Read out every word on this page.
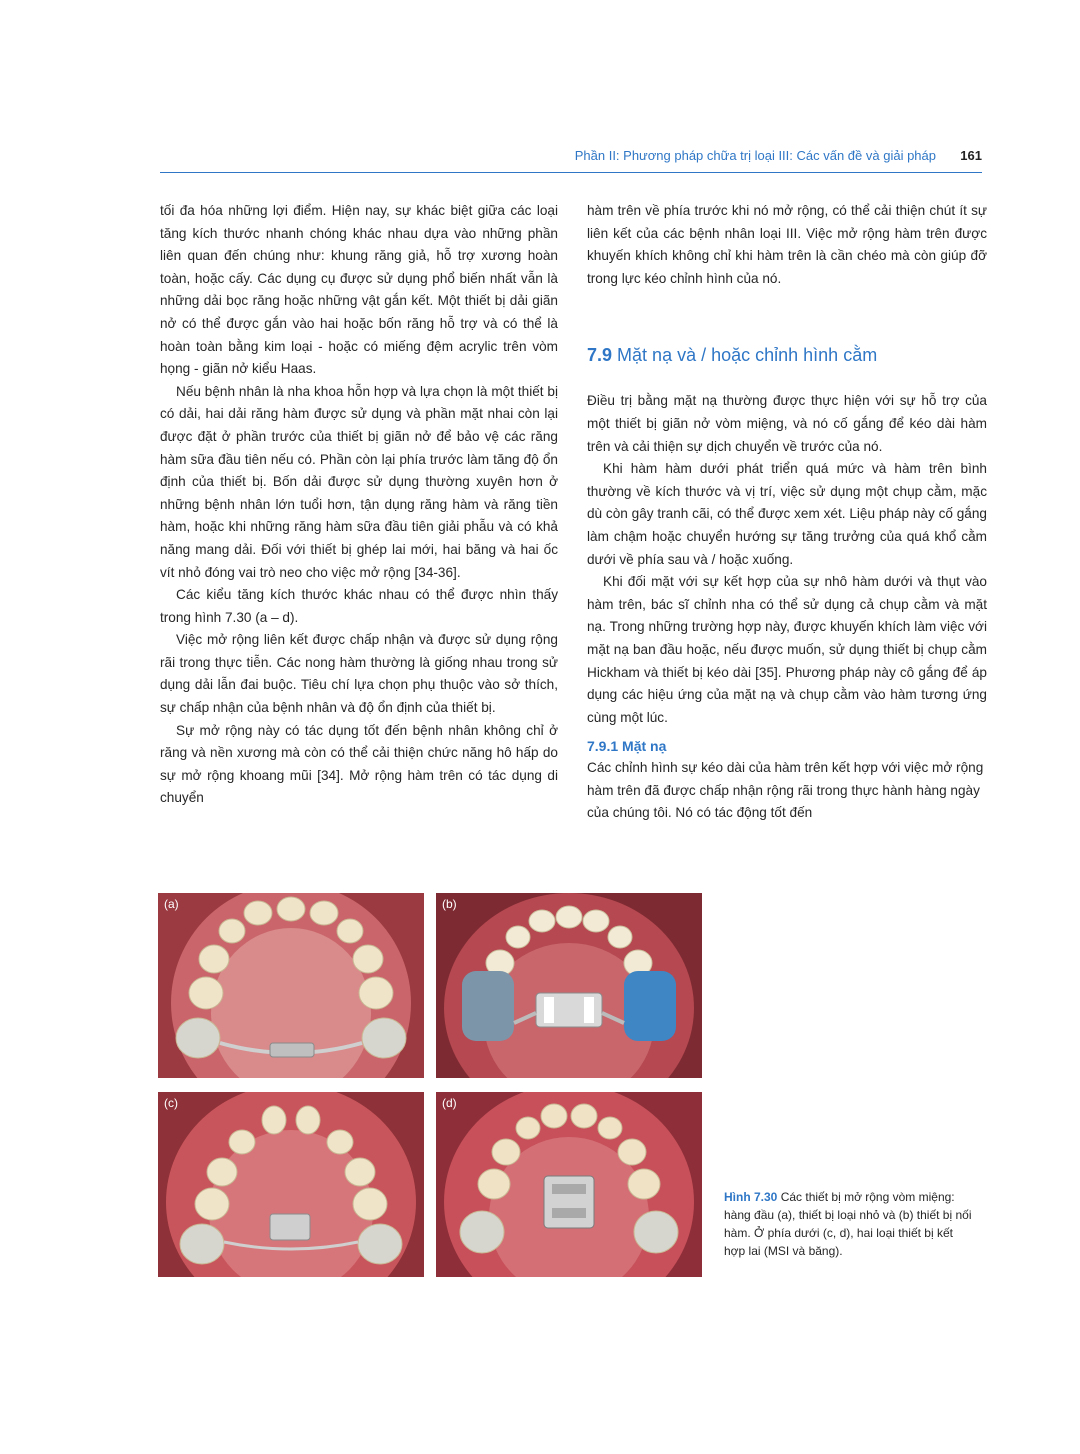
Phần II: Phương pháp chữa trị loại III: Các vấn đề và giải pháp 161

tối đa hóa những lợi điểm. Hiện nay, sự khác biệt giữa các loại tăng kích thước nhanh chóng khác nhau dựa vào những phần liên quan đến chúng như: khung răng giả, hỗ trợ xương hoàn toàn, hoặc cấy. Các dụng cụ được sử dụng phổ biến nhất vẫn là những dải bọc răng hoặc những vật gắn kết. Một thiết bị dải giãn nở có thể được gắn vào hai hoặc bốn răng hỗ trợ và có thể là hoàn toàn bằng kim loại - hoặc có miếng đệm acrylic trên vòm họng - giãn nở kiểu Haas.

Nếu bệnh nhân là nha khoa hỗn hợp và lựa chọn là một thiết bị có dải, hai dải răng hàm được sử dụng và phần mặt nhai còn lại được đặt ở phần trước của thiết bị giãn nở để bảo vệ các răng hàm sữa đầu tiên nếu có. Phần còn lại phía trước làm tăng độ ổn định của thiết bị. Bốn dải được sử dụng thường xuyên hơn ở những bệnh nhân lớn tuổi hơn, tận dụng răng hàm và răng tiền hàm, hoặc khi những răng hàm sữa đầu tiên giải phẫu và có khả năng mang dải. Đối với thiết bị ghép lai mới, hai băng và hai ốc vít nhỏ đóng vai trò neo cho việc mở rộng [34-36].

Các kiểu tăng kích thước khác nhau có thể được nhìn thấy trong hình 7.30 (a – d).

Việc mở rộng liên kết được chấp nhận và được sử dụng rộng rãi trong thực tiễn. Các nong hàm thường là giống nhau trong sử dụng dải lẫn đai buộc. Tiêu chí lựa chọn phụ thuộc vào sở thích, sự chấp nhận của bệnh nhân và độ ổn định của thiết bị.

Sự mở rộng này có tác dụng tốt đến bệnh nhân không chỉ ở răng và nền xương mà còn có thể cải thiện chức năng hô hấp do sự mở rộng khoang mũi [34]. Mở rộng hàm trên có tác dụng di chuyển

hàm trên về phía trước khi nó mở rộng, có thể cải thiện chút ít sự liên kết của các bệnh nhân loại III. Việc mở rộng hàm trên được khuyến khích không chỉ khi hàm trên là cần chéo mà còn giúp đỡ trong lực kéo chỉnh hình của nó.

7.9 Mặt nạ và / hoặc chỉnh hình cằm

Điều trị bằng mặt nạ thường được thực hiện với sự hỗ trợ của một thiết bị giãn nở vòm miệng, và nó cố gắng để kéo dài hàm trên và cải thiện sự dịch chuyển về trước của nó.

Khi hàm hàm dưới phát triển quá mức và hàm trên bình thường về kích thước và vị trí, việc sử dụng một chụp cằm, mặc dù còn gây tranh cãi, có thể được xem xét. Liệu pháp này cố gắng làm chậm hoặc chuyển hướng sự tăng trưởng của quá khổ cằm dưới về phía sau và / hoặc xuống.

Khi đối mặt với sự kết hợp của sự nhô hàm dưới và thụt vào hàm trên, bác sĩ chỉnh nha có thể sử dụng cả chụp cằm và mặt nạ. Trong những trường hợp này, được khuyến khích làm việc với mặt nạ ban đầu hoặc, nếu được muốn, sử dụng thiết bị chụp cằm Hickham và thiết bị kéo dài [35]. Phương pháp này cô gắng để áp dụng các hiệu ứng của mặt nạ và chụp cằm vào hàm tương ứng cùng một lúc.

7.9.1 Mặt nạ

Các chỉnh hình sự kéo dài của hàm trên kết hợp với việc mở rộng hàm trên đã được chấp nhận rộng rãi trong thực hành hàng ngày của chúng tôi. Nó có tác động tốt đến

(a)	(b)
(c)	(d)
Hình 7.30 Các thiết bị mở rộng vòm miệng: hàng đầu (a), thiết bị loại nhỏ và (b) thiết bị nối hàm. Ở phía dưới (c, d), hai loại thiết bị kết hợp lai (MSI và băng).
